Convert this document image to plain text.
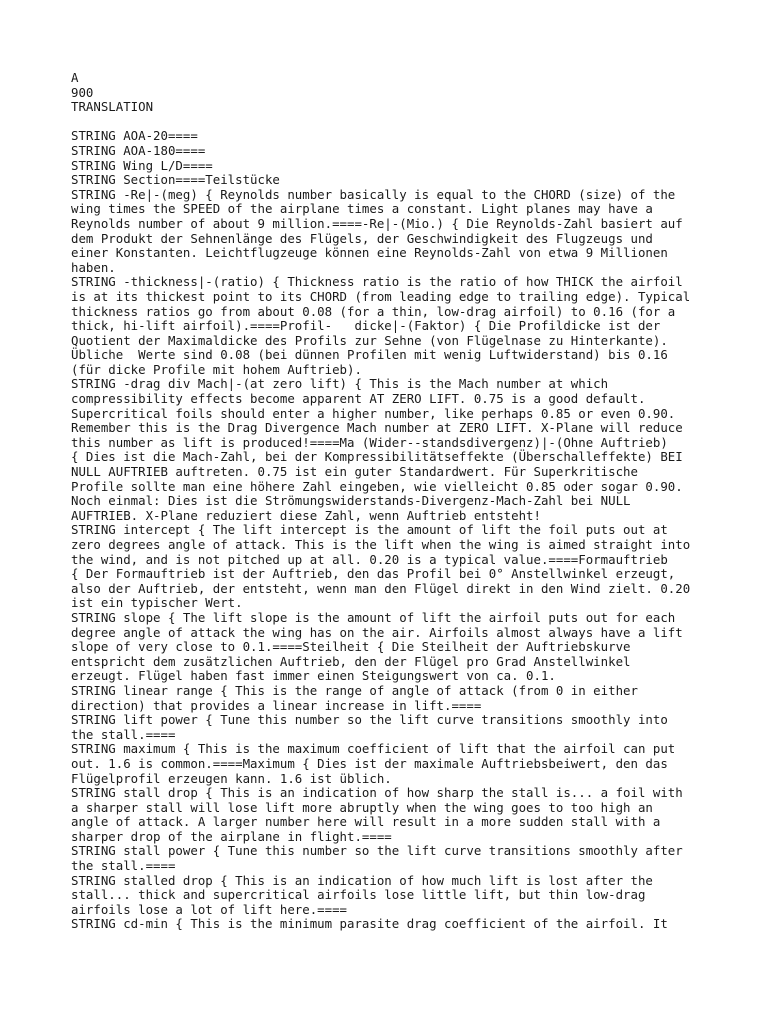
A
900
TRANSLATION
STRING AOA-20====
STRING AOA-180====
STRING Wing L/D====
STRING Section====Teilstücke
STRING -Re|-(meg) { Reynolds number basically is equal to the CHORD (size) of the
wing times the SPEED of the airplane times a constant. Light planes may have a
Reynolds number of about 9 million.====-Re|-(Mio.) { Die Reynolds-Zahl basiert auf
dem Produkt der Sehnenlänge des Flügels, der Geschwindigkeit des Flugzeugs und
einer Konstanten. Leichtflugzeuge können eine Reynolds-Zahl von etwa 9 Millionen
haben.
STRING -thickness|-(ratio) { Thickness ratio is the ratio of how THICK the airfoil
is at its thickest point to its CHORD (from leading edge to trailing edge). Typical
thickness ratios go from about 0.08 (for a thin, low-drag airfoil) to 0.16 (for a
thick, hi-lift airfoil).====Profil-   dicke|-(Faktor) { Die Profildicke ist der
Quotient der Maximaldicke des Profils zur Sehne (von Flügelnase zu Hinterkante).
Übliche  Werte sind 0.08 (bei dünnen Profilen mit wenig Luftwiderstand) bis 0.16
(für dicke Profile mit hohem Auftrieb).
STRING -drag div Mach|-(at zero lift) { This is the Mach number at which
compressibility effects become apparent AT ZERO LIFT. 0.75 is a good default.
Supercritical foils should enter a higher number, like perhaps 0.85 or even 0.90.
Remember this is the Drag Divergence Mach number at ZERO LIFT. X-Plane will reduce
this number as lift is produced!====Ma (Wider--standsdivergenz)|-(Ohne Auftrieb)
{ Dies ist die Mach-Zahl, bei der Kompressibilitätseffekte (Überschalleffekte) BEI
NULL AUFTRIEB auftreten. 0.75 ist ein guter Standardwert. Für Superkritische
Profile sollte man eine höhere Zahl eingeben, wie vielleicht 0.85 oder sogar 0.90.
Noch einmal: Dies ist die Strömungswiderstands-Divergenz-Mach-Zahl bei NULL
AUFTRIEB. X-Plane reduziert diese Zahl, wenn Auftrieb entsteht!
STRING intercept { The lift intercept is the amount of lift the foil puts out at
zero degrees angle of attack. This is the lift when the wing is aimed straight into
the wind, and is not pitched up at all. 0.20 is a typical value.====Formauftrieb
{ Der Formauftrieb ist der Auftrieb, den das Profil bei 0° Anstellwinkel erzeugt,
also der Auftrieb, der entsteht, wenn man den Flügel direkt in den Wind zielt. 0.20
ist ein typischer Wert.
STRING slope { The lift slope is the amount of lift the airfoil puts out for each
degree angle of attack the wing has on the air. Airfoils almost always have a lift
slope of very close to 0.1.====Steilheit { Die Steilheit der Auftriebskurve
entspricht dem zusätzlichen Auftrieb, den der Flügel pro Grad Anstellwinkel
erzeugt. Flügel haben fast immer einen Steigungswert von ca. 0.1.
STRING linear range { This is the range of angle of attack (from 0 in either
direction) that provides a linear increase in lift.====
STRING lift power { Tune this number so the lift curve transitions smoothly into
the stall.====
STRING maximum { This is the maximum coefficient of lift that the airfoil can put
out. 1.6 is common.====Maximum { Dies ist der maximale Auftriebsbeiwert, den das
Flügelprofil erzeugen kann. 1.6 ist üblich.
STRING stall drop { This is an indication of how sharp the stall is... a foil with
a sharper stall will lose lift more abruptly when the wing goes to too high an
angle of attack. A larger number here will result in a more sudden stall with a
sharper drop of the airplane in flight.====
STRING stall power { Tune this number so the lift curve transitions smoothly after
the stall.====
STRING stalled drop { This is an indication of how much lift is lost after the
stall... thick and supercritical airfoils lose little lift, but thin low-drag
airfoils lose a lot of lift here.====
STRING cd-min { This is the minimum parasite drag coefficient of the airfoil. It
